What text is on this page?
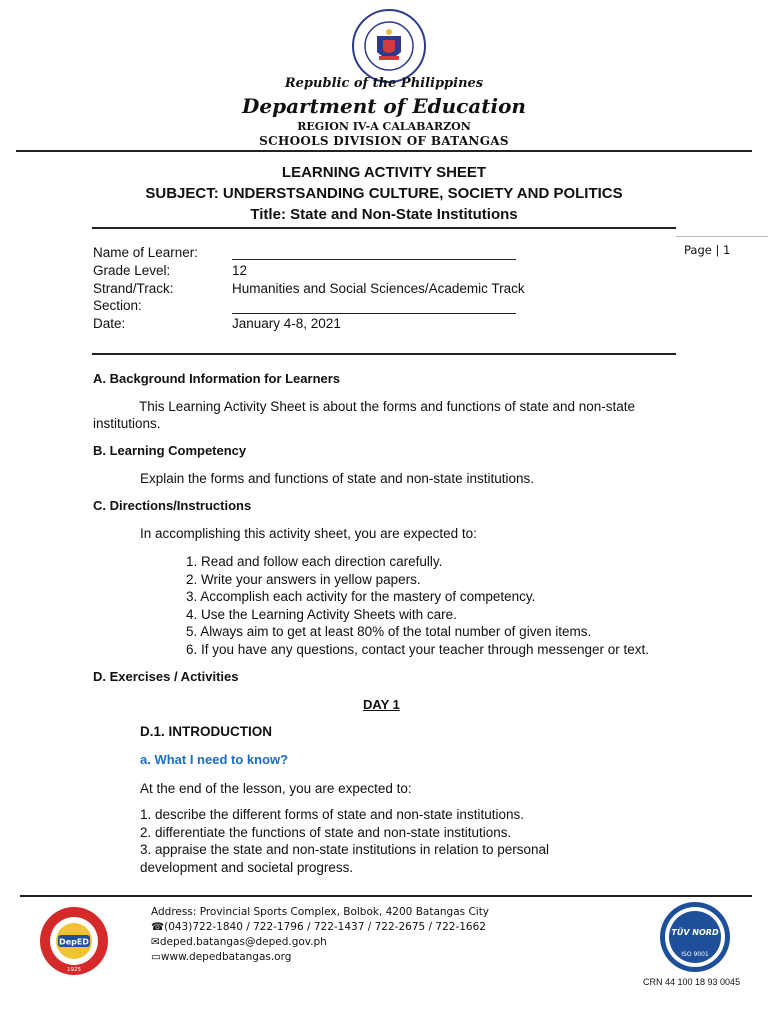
Republic of the Philippines
Department of Education
REGION IV-A CALABARZON
SCHOOLS DIVISION OF BATANGAS
LEARNING ACTIVITY SHEET
SUBJECT: UNDERSTSANDING CULTURE, SOCIETY AND POLITICS
Title: State and Non-State Institutions
Page | 1
Name of Learner:
Grade Level:	12
Strand/Track:	Humanities and Social Sciences/Academic Track
Section:
Date:	January 4-8, 2021
A. Background Information for Learners
This Learning Activity Sheet is about the forms and functions of state and non-state institutions.
B. Learning Competency
Explain the forms and functions of state and non-state institutions.
C. Directions/Instructions
In accomplishing this activity sheet, you are expected to:
1. Read and follow each direction carefully.
2. Write your answers in yellow papers.
3. Accomplish each activity for the mastery of competency.
4. Use the Learning Activity Sheets with care.
5. Always aim to get at least 80% of the total number of given items.
6. If you have any questions, contact your teacher through messenger or text.
D. Exercises / Activities
DAY 1
D.1. INTRODUCTION
a. What I need to know?
At the end of the lesson, you are expected to:
1. describe the different forms of state and non-state institutions.
2. differentiate the functions of state and non-state institutions.
3. appraise the state and non-state institutions in relation to personal
development and societal progress.
DepED
1925
Address: Provincial Sports Complex, Bolbok, 4200 Batangas City
☎(043)722-1840 / 722-1796 / 722-1437 / 722-2675 / 722-1662
✉deped.batangas@deped.gov.ph
▭www.depedbatangas.org
TÜV NORD
ISO 9001
CRN 44 100 18 93 0045
